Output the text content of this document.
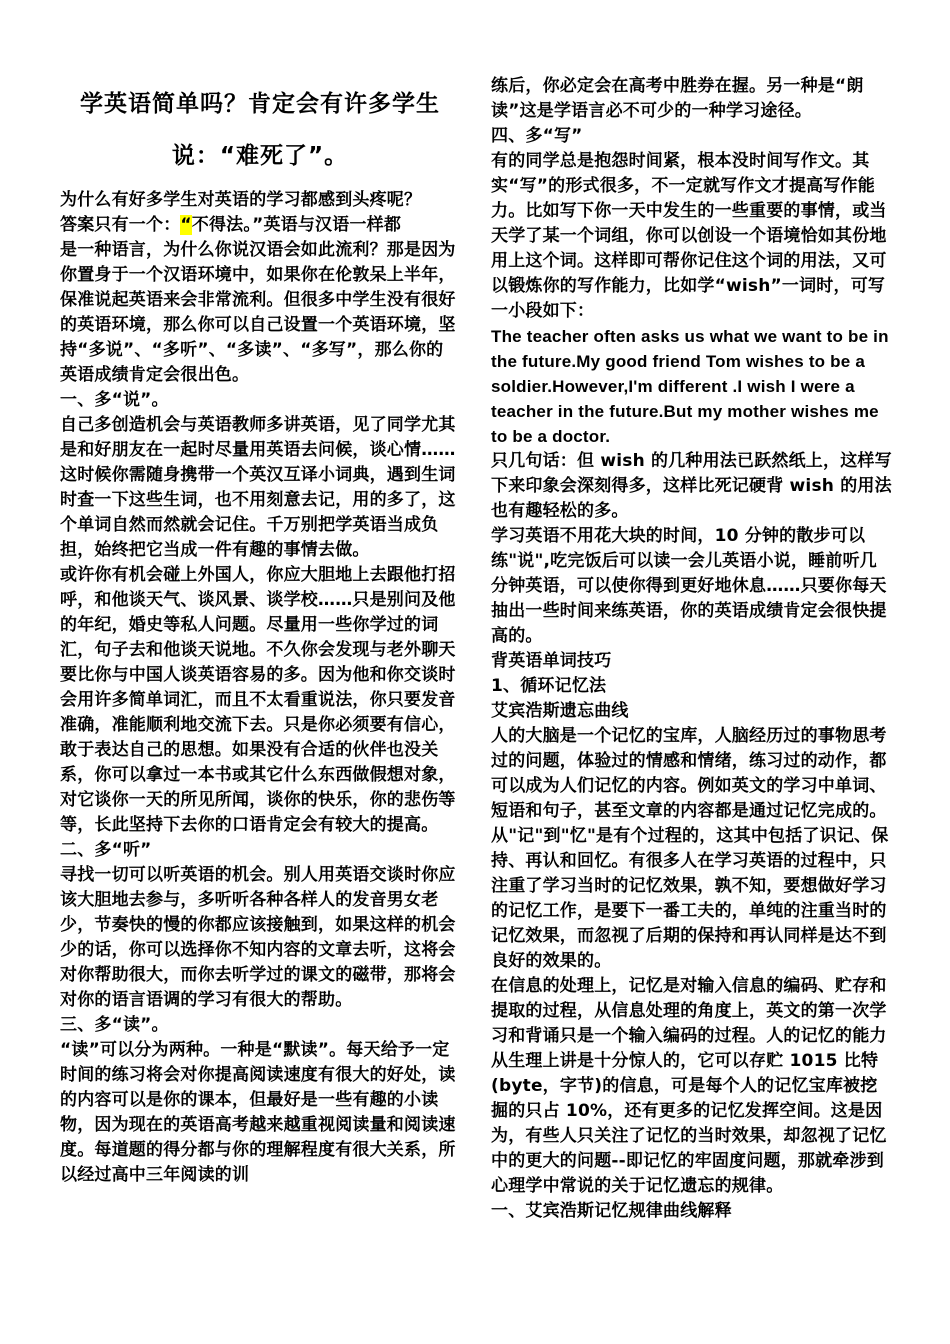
学英语简单吗？肯定会有许多学生
说：“难死了”。

为什么有好多学生对英语的学习都感到头疼呢？

答案只有一个：“不得法。”英语与汉语一样都

是一种语言，为什么你说汉语会如此流利？那是因为你置身于一个汉语环境中，如果你在伦敦呆上半年，保准说起英语来会非常流利。但很多中学生没有很好的英语环境，那么你可以自己设置一个英语环境，坚持“多说”、“多听”、“多读”、“多写”，那么你的英语成绩肯定会很出色。

一、多“说”。

自己多创造机会与英语教师多讲英语，见了同学尤其是和好朋友在一起时尽量用英语去问候，谈心情……这时候你需随身携带一个英汉互译小词典，遇到生词时查一下这些生词，也不用刻意去记，用的多了，这个单词自然而然就会记住。千万别把学英语当成负担，始终把它当成一件有趣的事情去做。

或许你有机会碰上外国人，你应大胆地上去跟他打招呼，和他谈天气、谈风景、谈学校……只是别问及他的年纪，婚史等私人问题。尽量用一些你学过的词汇，句子去和他谈天说地。不久你会发现与老外聊天要比你与中国人谈英语容易的多。因为他和你交谈时会用许多简单词汇，而且不太看重说法，你只要发音准确，准能顺利地交流下去。只是你必须要有信心，敢于表达自己的思想。如果没有合适的伙伴也没关系，你可以拿过一本书或其它什么东西做假想对象，对它谈你一天的所见所闻，谈你的快乐，你的悲伤等等，长此坚持下去你的口语肯定会有较大的提高。

二、多“听”

寻找一切可以听英语的机会。别人用英语交谈时你应该大胆地去参与，多听听各种各样人的发音男女老少，节奏快的慢的你都应该接触到，如果这样的机会少的话，你可以选择你不知内容的文章去听，这将会对你帮助很大，而你去听学过的课文的磁带，那将会对你的语言语调的学习有很大的帮助。

三、多“读”。

“读”可以分为两种。一种是“默读”。每天给予一定时间的练习将会对你提高阅读速度有很大的好处，读的内容可以是你的课本，但最好是一些有趣的小读物，因为现在的英语高考越来越重视阅读量和阅读速度。每道题的得分都与你的理解程度有很大关系，所以经过高中三年阅读的训

练后，你必定会在高考中胜券在握。另一种是“朗读”这是学语言必不可少的一种学习途径。

四、多“写”

有的同学总是抱怨时间紧，根本没时间写作文。其实“写”的形式很多，不一定就写作文才提高写作能力。比如写下你一天中发生的一些重要的事情，或当天学了某一个词组，你可以创设一个语境恰如其份地用上这个词。这样即可帮你记住这个词的用法，又可以锻炼你的写作能力，比如学“wish”一词时，可写一小段如下：

The teacher often asks us what we want to be in the future.My good friend Tom wishes to be a soldier.However,I'm different .I wish I were a teacher in the future.But my mother wishes me to be a doctor.

只几句话：但 wish 的几种用法已跃然纸上，这样写下来印象会深刻得多，这样比死记硬背 wish 的用法也有趣轻松的多。

学习英语不用花大块的时间，10 分钟的散步可以练"说",吃完饭后可以读一会儿英语小说，睡前听几分钟英语，可以使你得到更好地休息……只要你每天抽出一些时间来练英语，你的英语成绩肯定会很快提高的。

背英语单词技巧

1、循环记忆法

艾宾浩斯遗忘曲线

人的大脑是一个记忆的宝库，人脑经历过的事物思考过的问题，体验过的情感和情绪，练习过的动作，都可以成为人们记忆的内容。例如英文的学习中单词、短语和句子，甚至文章的内容都是通过记忆完成的。从"记"到"忆"是有个过程的，这其中包括了识记、保持、再认和回忆。有很多人在学习英语的过程中，只注重了学习当时的记忆效果，孰不知，要想做好学习的记忆工作，是要下一番工夫的，单纯的注重当时的记忆效果，而忽视了后期的保持和再认同样是达不到良好的效果的。

在信息的处理上，记忆是对输入信息的编码、贮存和提取的过程，从信息处理的角度上，英文的第一次学习和背诵只是一个输入编码的过程。人的记忆的能力从生理上讲是十分惊人的，它可以存贮 1015 比特(byte，字节)的信息，可是每个人的记忆宝库被挖掘的只占 10%，还有更多的记忆发挥空间。这是因为，有些人只关注了记忆的当时效果，却忽视了记忆中的更大的问题--即记忆的牢固度问题，那就牵涉到心理学中常说的关于记忆遗忘的规律。

一、艾宾浩斯记忆规律曲线解释
